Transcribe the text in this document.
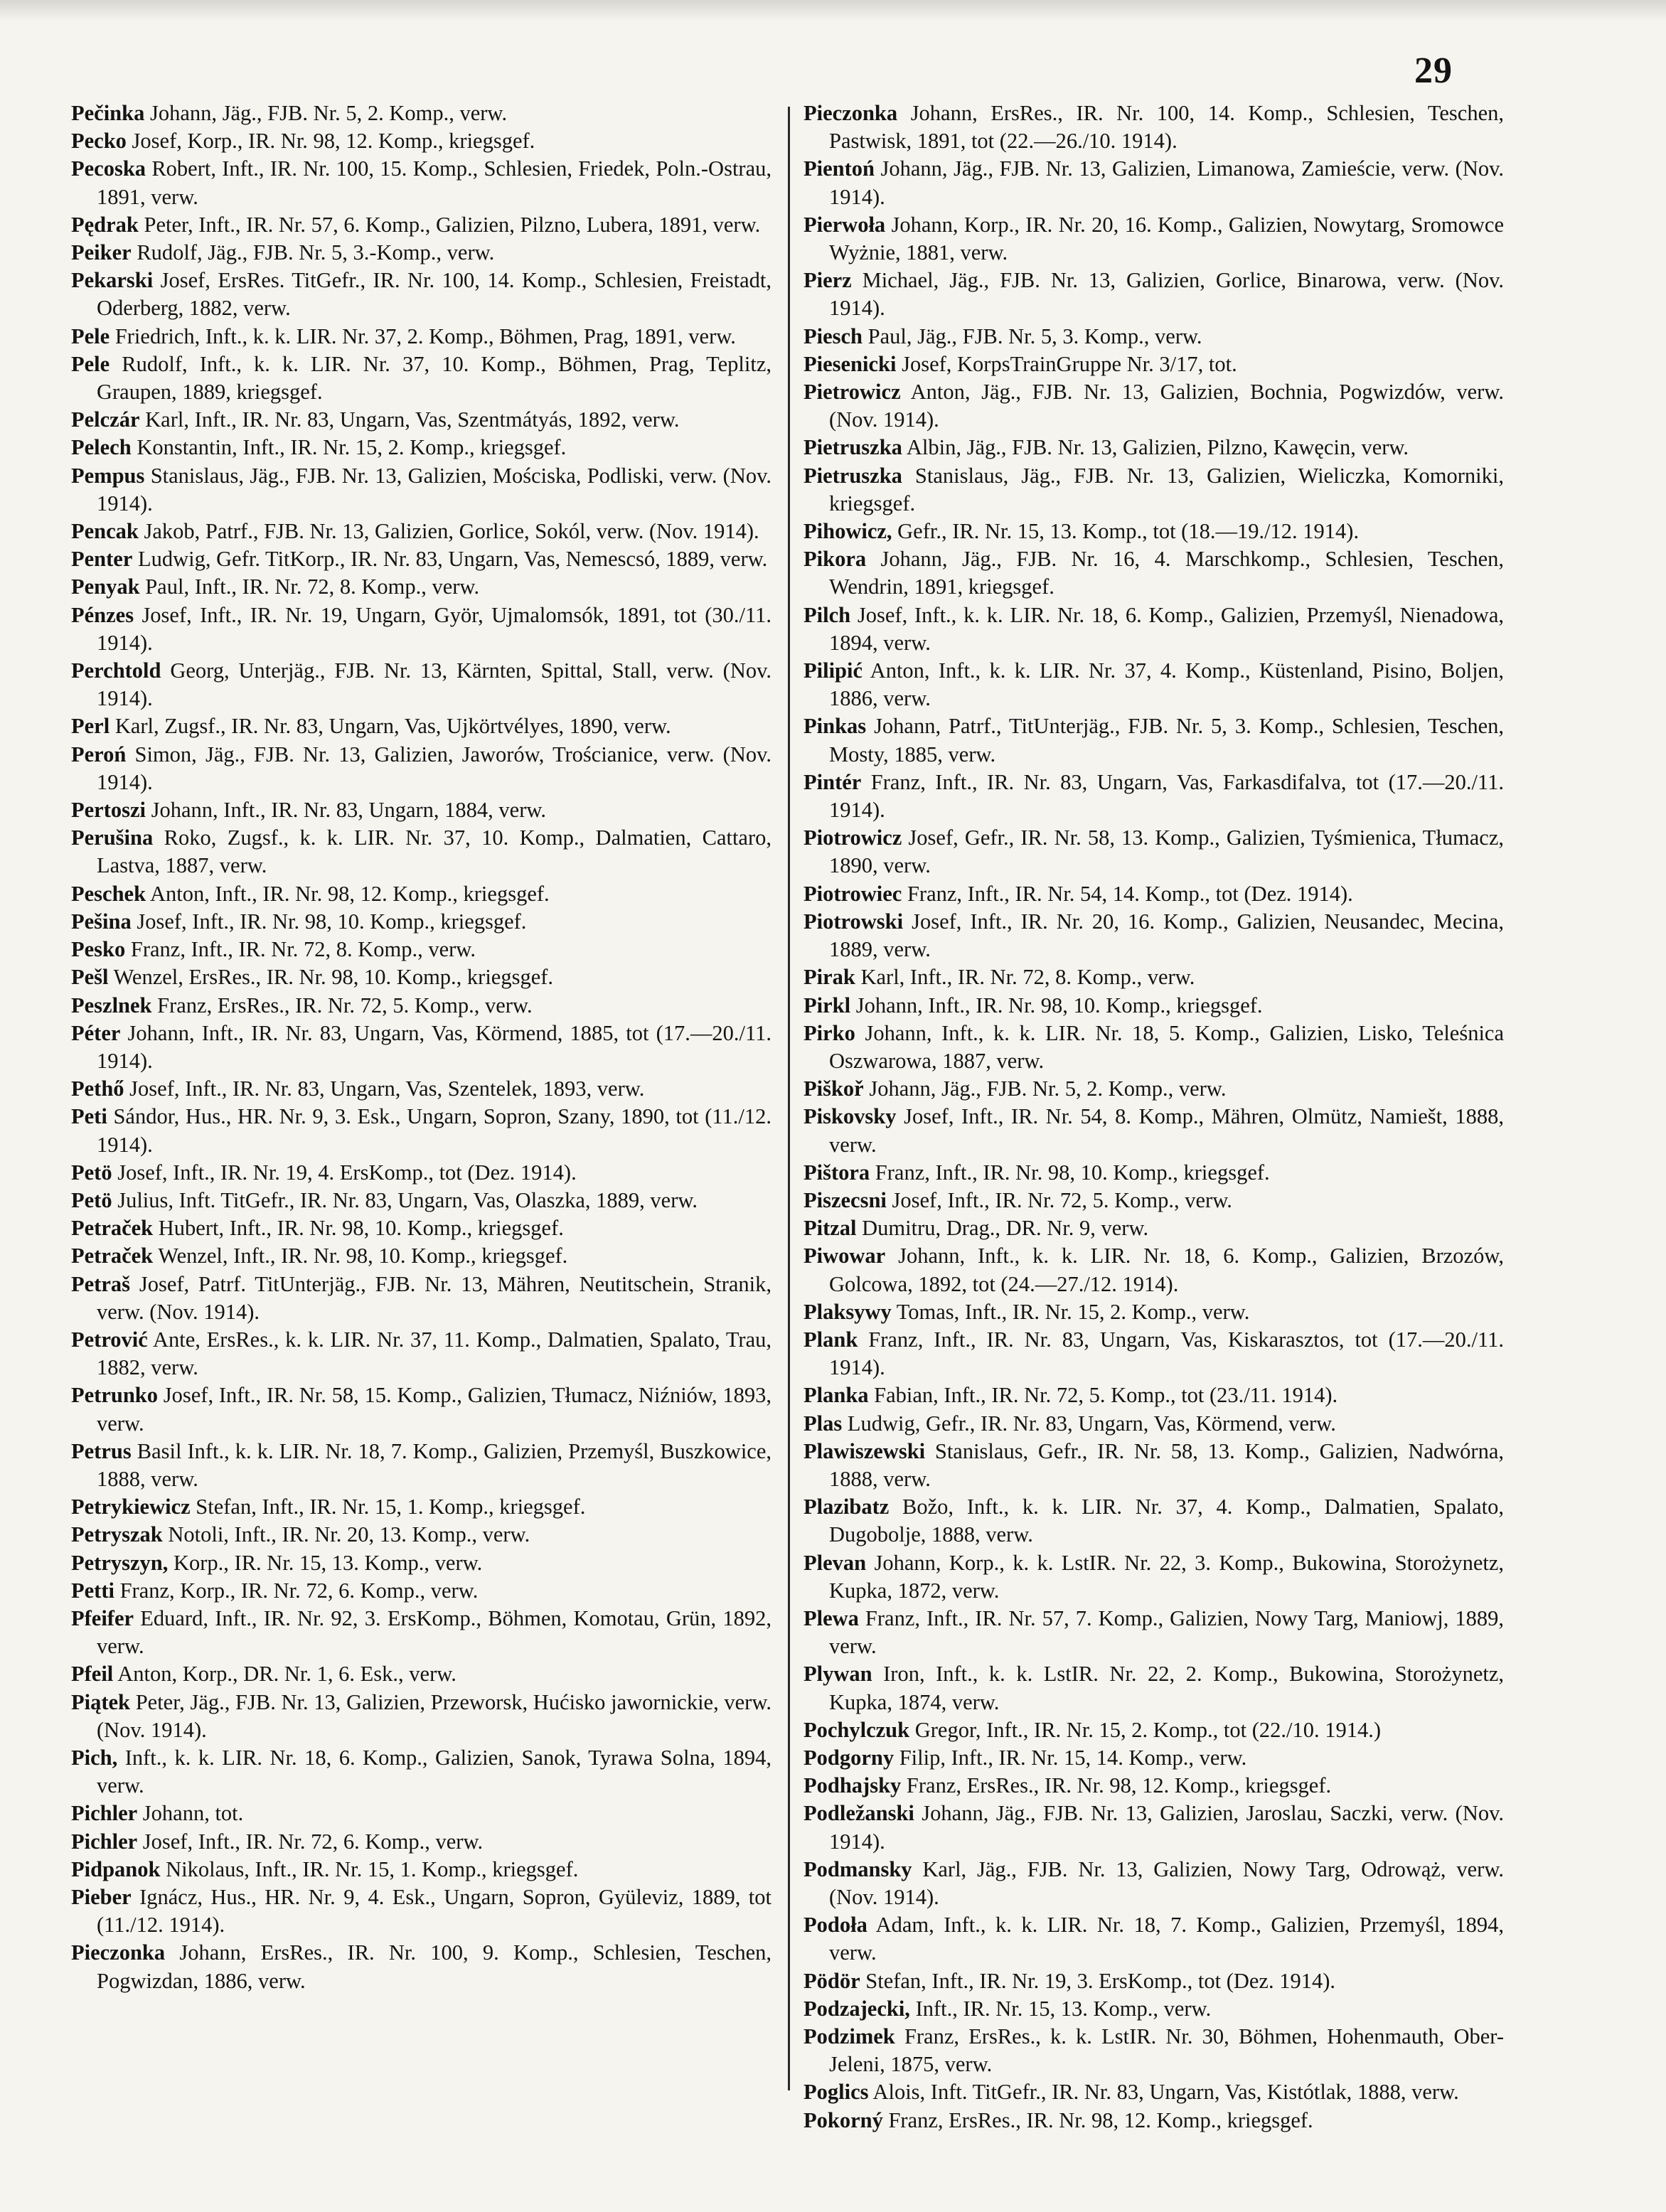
29

Pečinka Johann, Jäg., FJB. Nr. 5, 2. Komp., verw.

Pecko Josef, Korp., IR. Nr. 98, 12. Komp., kriegsgef.

Pecoska Robert, Inft., IR. Nr. 100, 15. Komp., Schlesien, Friedek, Poln.-Ostrau, 1891, verw.

Pędrak Peter, Inft., IR. Nr. 57, 6. Komp., Galizien, Pilzno, Lubera, 1891, verw.

Peiker Rudolf, Jäg., FJB. Nr. 5, 3.-Komp., verw.

Pekarski Josef, ErsRes. TitGefr., IR. Nr. 100, 14. Komp., Schlesien, Freistadt, Oderberg, 1882, verw.

Pele Friedrich, Inft., k. k. LIR. Nr. 37, 2. Komp., Böhmen, Prag, 1891, verw.

Pele Rudolf, Inft., k. k. LIR. Nr. 37, 10. Komp., Böhmen, Prag, Teplitz, Graupen, 1889, kriegsgef.

Pelczár Karl, Inft., IR. Nr. 83, Ungarn, Vas, Szentmátyás, 1892, verw.

Pelech Konstantin, Inft., IR. Nr. 15, 2. Komp., kriegsgef.

Pempus Stanislaus, Jäg., FJB. Nr. 13, Galizien, Mościska, Podliski, verw. (Nov. 1914).

Pencak Jakob, Patrf., FJB. Nr. 13, Galizien, Gorlice, Sokól, verw. (Nov. 1914).

Penter Ludwig, Gefr. TitKorp., IR. Nr. 83, Ungarn, Vas, Nemescsó, 1889, verw.

Penyak Paul, Inft., IR. Nr. 72, 8. Komp., verw.

Pénzes Josef, Inft., IR. Nr. 19, Ungarn, Györ, Ujmalomsók, 1891, tot (30./11. 1914).

Perchtold Georg, Unterjäg., FJB. Nr. 13, Kärnten, Spittal, Stall, verw. (Nov. 1914).

Perl Karl, Zugsf., IR. Nr. 83, Ungarn, Vas, Ujkörtvélyes, 1890, verw.

Peroń Simon, Jäg., FJB. Nr. 13, Galizien, Jaworów, Trościanice, verw. (Nov. 1914).

Pertoszi Johann, Inft., IR. Nr. 83, Ungarn, 1884, verw.

Perušina Roko, Zugsf., k. k. LIR. Nr. 37, 10. Komp., Dalmatien, Cattaro, Lastva, 1887, verw.

Peschek Anton, Inft., IR. Nr. 98, 12. Komp., kriegsgef.

Pešina Josef, Inft., IR. Nr. 98, 10. Komp., kriegsgef.

Pesko Franz, Inft., IR. Nr. 72, 8. Komp., verw.

Pešl Wenzel, ErsRes., IR. Nr. 98, 10. Komp., kriegsgef.

Peszlnek Franz, ErsRes., IR. Nr. 72, 5. Komp., verw.

Péter Johann, Inft., IR. Nr. 83, Ungarn, Vas, Körmend, 1885, tot (17.—20./11. 1914).

Pethő Josef, Inft., IR. Nr. 83, Ungarn, Vas, Szentelek, 1893, verw.

Peti Sándor, Hus., HR. Nr. 9, 3. Esk., Ungarn, Sopron, Szany, 1890, tot (11./12. 1914).

Petö Josef, Inft., IR. Nr. 19, 4. ErsKomp., tot (Dez. 1914).

Petö Julius, Inft. TitGefr., IR. Nr. 83, Ungarn, Vas, Olaszka, 1889, verw.

Petraček Hubert, Inft., IR. Nr. 98, 10. Komp., kriegsgef.

Petraček Wenzel, Inft., IR. Nr. 98, 10. Komp., kriegsgef.

Petraš Josef, Patrf. TitUnterjäg., FJB. Nr. 13, Mähren, Neutitschein, Stranik, verw. (Nov. 1914).

Petrović Ante, ErsRes., k. k. LIR. Nr. 37, 11. Komp., Dalmatien, Spalato, Trau, 1882, verw.

Petrunko Josef, Inft., IR. Nr. 58, 15. Komp., Galizien, Tłumacz, Niźniów, 1893, verw.

Petrus Basil Inft., k. k. LIR. Nr. 18, 7. Komp., Galizien, Przemyśl, Buszkowice, 1888, verw.

Petrykiewicz Stefan, Inft., IR. Nr. 15, 1. Komp., kriegsgef.

Petryszak Notoli, Inft., IR. Nr. 20, 13. Komp., verw.

Petryszyn, Korp., IR. Nr. 15, 13. Komp., verw.

Petti Franz, Korp., IR. Nr. 72, 6. Komp., verw.

Pfeifer Eduard, Inft., IR. Nr. 92, 3. ErsKomp., Böhmen, Komotau, Grün, 1892, verw.

Pfeil Anton, Korp., DR. Nr. 1, 6. Esk., verw.

Piątek Peter, Jäg., FJB. Nr. 13, Galizien, Przeworsk, Hućisko jawornickie, verw. (Nov. 1914).

Pich, Inft., k. k. LIR. Nr. 18, 6. Komp., Galizien, Sanok, Tyrawa Solna, 1894, verw.

Pichler Johann, tot.

Pichler Josef, Inft., IR. Nr. 72, 6. Komp., verw.

Pidpanok Nikolaus, Inft., IR. Nr. 15, 1. Komp., kriegsgef.

Pieber Ignácz, Hus., HR. Nr. 9, 4. Esk., Ungarn, Sopron, Gyüleviz, 1889, tot (11./12. 1914).

Pieczonka Johann, ErsRes., IR. Nr. 100, 9. Komp., Schlesien, Teschen, Pogwizdan, 1886, verw.

Pieczonka Johann, ErsRes., IR. Nr. 100, 14. Komp., Schlesien, Teschen, Pastwisk, 1891, tot (22.—26./10. 1914).

Pientoń Johann, Jäg., FJB. Nr. 13, Galizien, Limanowa, Zamieście, verw. (Nov. 1914).

Pierwoła Johann, Korp., IR. Nr. 20, 16. Komp., Galizien, Nowytarg, Sromowce Wyżnie, 1881, verw.

Pierz Michael, Jäg., FJB. Nr. 13, Galizien, Gorlice, Binarowa, verw. (Nov. 1914).

Piesch Paul, Jäg., FJB. Nr. 5, 3. Komp., verw.

Piesenicki Josef, KorpsTrainGruppe Nr. 3/17, tot.

Pietrowicz Anton, Jäg., FJB. Nr. 13, Galizien, Bochnia, Pogwizdów, verw. (Nov. 1914).

Pietruszka Albin, Jäg., FJB. Nr. 13, Galizien, Pilzno, Kawęcin, verw.

Pietruszka Stanislaus, Jäg., FJB. Nr. 13, Galizien, Wieliczka, Komorniki, kriegsgef.

Pihowicz, Gefr., IR. Nr. 15, 13. Komp., tot (18.—19./12. 1914).

Pikora Johann, Jäg., FJB. Nr. 16, 4. Marschkomp., Schlesien, Teschen, Wendrin, 1891, kriegsgef.

Pilch Josef, Inft., k. k. LIR. Nr. 18, 6. Komp., Galizien, Przemyśl, Nienadowa, 1894, verw.

Pilipić Anton, Inft., k. k. LIR. Nr. 37, 4. Komp., Küstenland, Pisino, Boljen, 1886, verw.

Pinkas Johann, Patrf., TitUnterjäg., FJB. Nr. 5, 3. Komp., Schlesien, Teschen, Mosty, 1885, verw.

Pintér Franz, Inft., IR. Nr. 83, Ungarn, Vas, Farkasdifalva, tot (17.—20./11. 1914).

Piotrowicz Josef, Gefr., IR. Nr. 58, 13. Komp., Galizien, Tyśmienica, Tłumacz, 1890, verw.

Piotrowiec Franz, Inft., IR. Nr. 54, 14. Komp., tot (Dez. 1914).

Piotrowski Josef, Inft., IR. Nr. 20, 16. Komp., Galizien, Neusandec, Mecina, 1889, verw.

Pirak Karl, Inft., IR. Nr. 72, 8. Komp., verw.

Pirkl Johann, Inft., IR. Nr. 98, 10. Komp., kriegsgef.

Pirko Johann, Inft., k. k. LIR. Nr. 18, 5. Komp., Galizien, Lisko, Teleśnica Oszwarowa, 1887, verw.

Piškoř Johann, Jäg., FJB. Nr. 5, 2. Komp., verw.

Piskovsky Josef, Inft., IR. Nr. 54, 8. Komp., Mähren, Olmütz, Namiešt, 1888, verw.

Pištora Franz, Inft., IR. Nr. 98, 10. Komp., kriegsgef.

Piszecsni Josef, Inft., IR. Nr. 72, 5. Komp., verw.

Pitzal Dumitru, Drag., DR. Nr. 9, verw.

Piwowar Johann, Inft., k. k. LIR. Nr. 18, 6. Komp., Galizien, Brzozów, Golcowa, 1892, tot (24.—27./12. 1914).

Plaksywy Tomas, Inft., IR. Nr. 15, 2. Komp., verw.

Plank Franz, Inft., IR. Nr. 83, Ungarn, Vas, Kiskarasztos, tot (17.—20./11. 1914).

Planka Fabian, Inft., IR. Nr. 72, 5. Komp., tot (23./11. 1914).

Plas Ludwig, Gefr., IR. Nr. 83, Ungarn, Vas, Körmend, verw.

Plawiszewski Stanislaus, Gefr., IR. Nr. 58, 13. Komp., Galizien, Nadwórna, 1888, verw.

Plazibatz Božo, Inft., k. k. LIR. Nr. 37, 4. Komp., Dalmatien, Spalato, Dugobolje, 1888, verw.

Plevan Johann, Korp., k. k. LstIR. Nr. 22, 3. Komp., Bukowina, Storożynetz, Kupka, 1872, verw.

Plewa Franz, Inft., IR. Nr. 57, 7. Komp., Galizien, Nowy Targ, Maniowj, 1889, verw.

Plywan Iron, Inft., k. k. LstIR. Nr. 22, 2. Komp., Bukowina, Storożynetz, Kupka, 1874, verw.

Pochylczuk Gregor, Inft., IR. Nr. 15, 2. Komp., tot (22./10. 1914.)

Podgorny Filip, Inft., IR. Nr. 15, 14. Komp., verw.

Podhajsky Franz, ErsRes., IR. Nr. 98, 12. Komp., kriegsgef.

Podležanski Johann, Jäg., FJB. Nr. 13, Galizien, Jaroslau, Saczki, verw. (Nov. 1914).

Podmansky Karl, Jäg., FJB. Nr. 13, Galizien, Nowy Targ, Odrowąż, verw. (Nov. 1914).

Podoła Adam, Inft., k. k. LIR. Nr. 18, 7. Komp., Galizien, Przemyśl, 1894, verw.

Pödör Stefan, Inft., IR. Nr. 19, 3. ErsKomp., tot (Dez. 1914).

Podzajecki, Inft., IR. Nr. 15, 13. Komp., verw.

Podzimek Franz, ErsRes., k. k. LstIR. Nr. 30, Böhmen, Hohenmauth, Ober-Jeleni, 1875, verw.

Poglics Alois, Inft. TitGefr., IR. Nr. 83, Ungarn, Vas, Kistótlak, 1888, verw.

Pokorný Franz, ErsRes., IR. Nr. 98, 12. Komp., kriegsgef.
